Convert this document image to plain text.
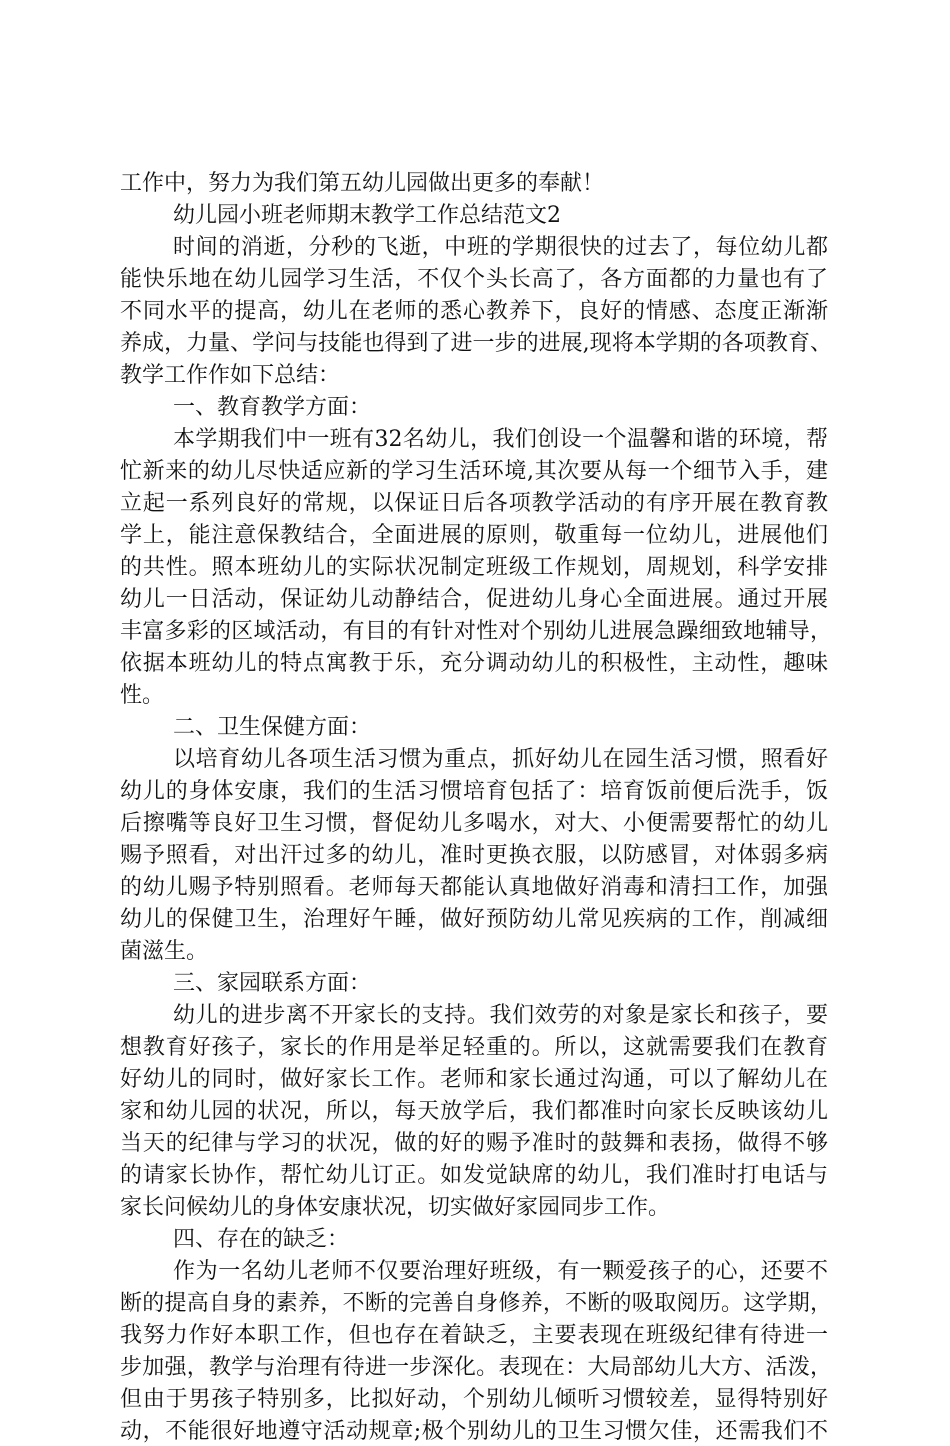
工作中，努力为我们第五幼儿园做出更多的奉献！
幼儿园小班老师期末教学工作总结范文2
时间的消逝，分秒的飞逝，中班的学期很快的过去了，每位幼儿都
能快乐地在幼儿园学习生活，不仅个头长高了，各方面都的力量也有了
不同水平的提高，幼儿在老师的悉心教养下，良好的情感、态度正渐渐
养成，力量、学问与技能也得到了进一步的进展,现将本学期的各项教育、
教学工作作如下总结：
一、教育教学方面：
本学期我们中一班有32名幼儿，我们创设一个温馨和谐的环境，帮
忙新来的幼儿尽快适应新的学习生活环境,其次要从每一个细节入手，建
立起一系列良好的常规，以保证日后各项教学活动的有序开展在教育教
学上，能注意保教结合，全面进展的原则，敬重每一位幼儿，进展他们
的共性。照本班幼儿的实际状况制定班级工作规划，周规划，科学安排
幼儿一日活动，保证幼儿动静结合，促进幼儿身心全面进展。通过开展
丰富多彩的区域活动，有目的有针对性对个别幼儿进展急躁细致地辅导，
依据本班幼儿的特点寓教于乐，充分调动幼儿的积极性，主动性，趣味
性。
二、卫生保健方面：
以培育幼儿各项生活习惯为重点，抓好幼儿在园生活习惯，照看好
幼儿的身体安康，我们的生活习惯培育包括了：培育饭前便后洗手，饭
后擦嘴等良好卫生习惯，督促幼儿多喝水，对大、小便需要帮忙的幼儿
赐予照看，对出汗过多的幼儿，准时更换衣服，以防感冒，对体弱多病
的幼儿赐予特别照看。老师每天都能认真地做好消毒和清扫工作，加强
幼儿的保健卫生，治理好午睡，做好预防幼儿常见疾病的工作，削减细
菌滋生。
三、家园联系方面：
幼儿的进步离不开家长的支持。我们效劳的对象是家长和孩子，要
想教育好孩子，家长的作用是举足轻重的。所以，这就需要我们在教育
好幼儿的同时，做好家长工作。老师和家长通过沟通，可以了解幼儿在
家和幼儿园的状况，所以，每天放学后，我们都准时向家长反映该幼儿
当天的纪律与学习的状况，做的好的赐予准时的鼓舞和表扬，做得不够
的请家长协作，帮忙幼儿订正。如发觉缺席的幼儿，我们准时打电话与
家长问候幼儿的身体安康状况，切实做好家园同步工作。
四、存在的缺乏：
作为一名幼儿老师不仅要治理好班级，有一颗爱孩子的心，还要不
断的提高自身的素养，不断的完善自身修养，不断的吸取阅历。这学期，
我努力作好本职工作，但也存在着缺乏，主要表现在班级纪律有待进一
步加强，教学与治理有待进一步深化。表现在：大局部幼儿大方、活泼，
但由于男孩子特别多，比拟好动，个别幼儿倾听习惯较差，显得特别好
动，不能很好地遵守活动规章;极个别幼儿的卫生习惯欠佳，还需我们不
